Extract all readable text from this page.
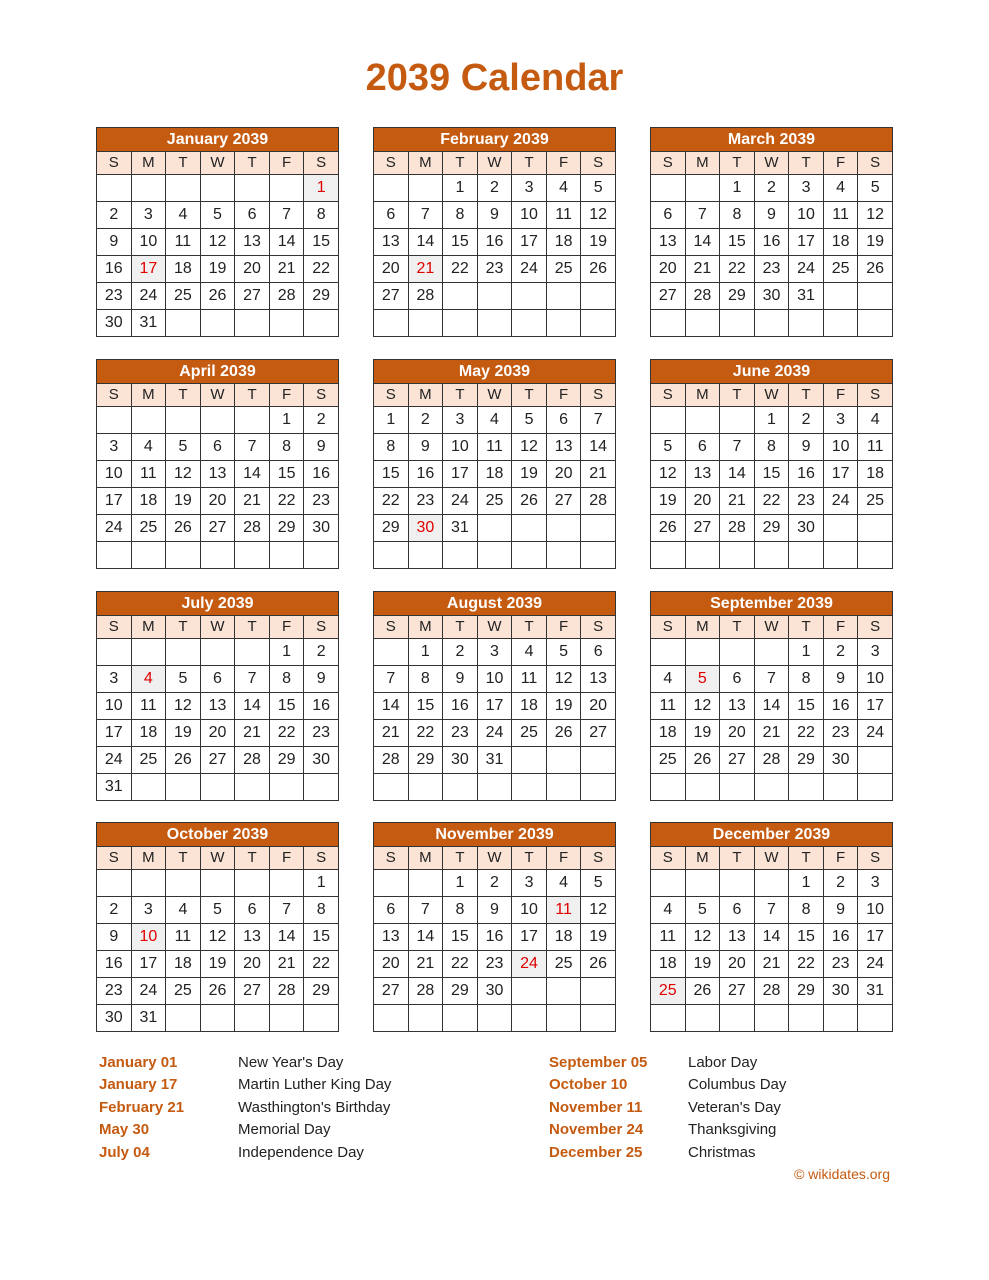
2039 Calendar
January 2039						
S	M	T	W	T	F	S
						1
2	3	4	5	6	7	8
9	10	11	12	13	14	15
16	17	18	19	20	21	22
23	24	25	26	27	28	29
30	31					
February 2039						
S	M	T	W	T	F	S
		1	2	3	4	5
6	7	8	9	10	11	12
13	14	15	16	17	18	19
20	21	22	23	24	25	26
27	28					

March 2039						
S	M	T	W	T	F	S
		1	2	3	4	5
6	7	8	9	10	11	12
13	14	15	16	17	18	19
20	21	22	23	24	25	26
27	28	29	30	31		

April 2039						
S	M	T	W	T	F	S
					1	2
3	4	5	6	7	8	9
10	11	12	13	14	15	16
17	18	19	20	21	22	23
24	25	26	27	28	29	30

May 2039						
S	M	T	W	T	F	S
1	2	3	4	5	6	7
8	9	10	11	12	13	14
15	16	17	18	19	20	21
22	23	24	25	26	27	28
29	30	31				

June 2039						
S	M	T	W	T	F	S
			1	2	3	4
5	6	7	8	9	10	11
12	13	14	15	16	17	18
19	20	21	22	23	24	25
26	27	28	29	30		

July 2039						
S	M	T	W	T	F	S
					1	2
3	4	5	6	7	8	9
10	11	12	13	14	15	16
17	18	19	20	21	22	23
24	25	26	27	28	29	30
31						
August 2039						
S	M	T	W	T	F	S
	1	2	3	4	5	6
7	8	9	10	11	12	13
14	15	16	17	18	19	20
21	22	23	24	25	26	27
28	29	30	31			

September 2039						
S	M	T	W	T	F	S
				1	2	3
4	5	6	7	8	9	10
11	12	13	14	15	16	17
18	19	20	21	22	23	24
25	26	27	28	29	30	

October 2039						
S	M	T	W	T	F	S
						1
2	3	4	5	6	7	8
9	10	11	12	13	14	15
16	17	18	19	20	21	22
23	24	25	26	27	28	29
30	31					
November 2039						
S	M	T	W	T	F	S
		1	2	3	4	5
6	7	8	9	10	11	12
13	14	15	16	17	18	19
20	21	22	23	24	25	26
27	28	29	30			

December 2039						
S	M	T	W	T	F	S
				1	2	3
4	5	6	7	8	9	10
11	12	13	14	15	16	17
18	19	20	21	22	23	24
25	26	27	28	29	30	31

January 01	New Year's Day
January 17	Martin Luther King Day
February 21	Wasthington's Birthday
May 30	Memorial Day
July 04	Independence Day
September 05	Labor Day
October 10	Columbus Day
November 11	Veteran's Day
November 24	Thanksgiving
December 25	Christmas
© wikidates.org
